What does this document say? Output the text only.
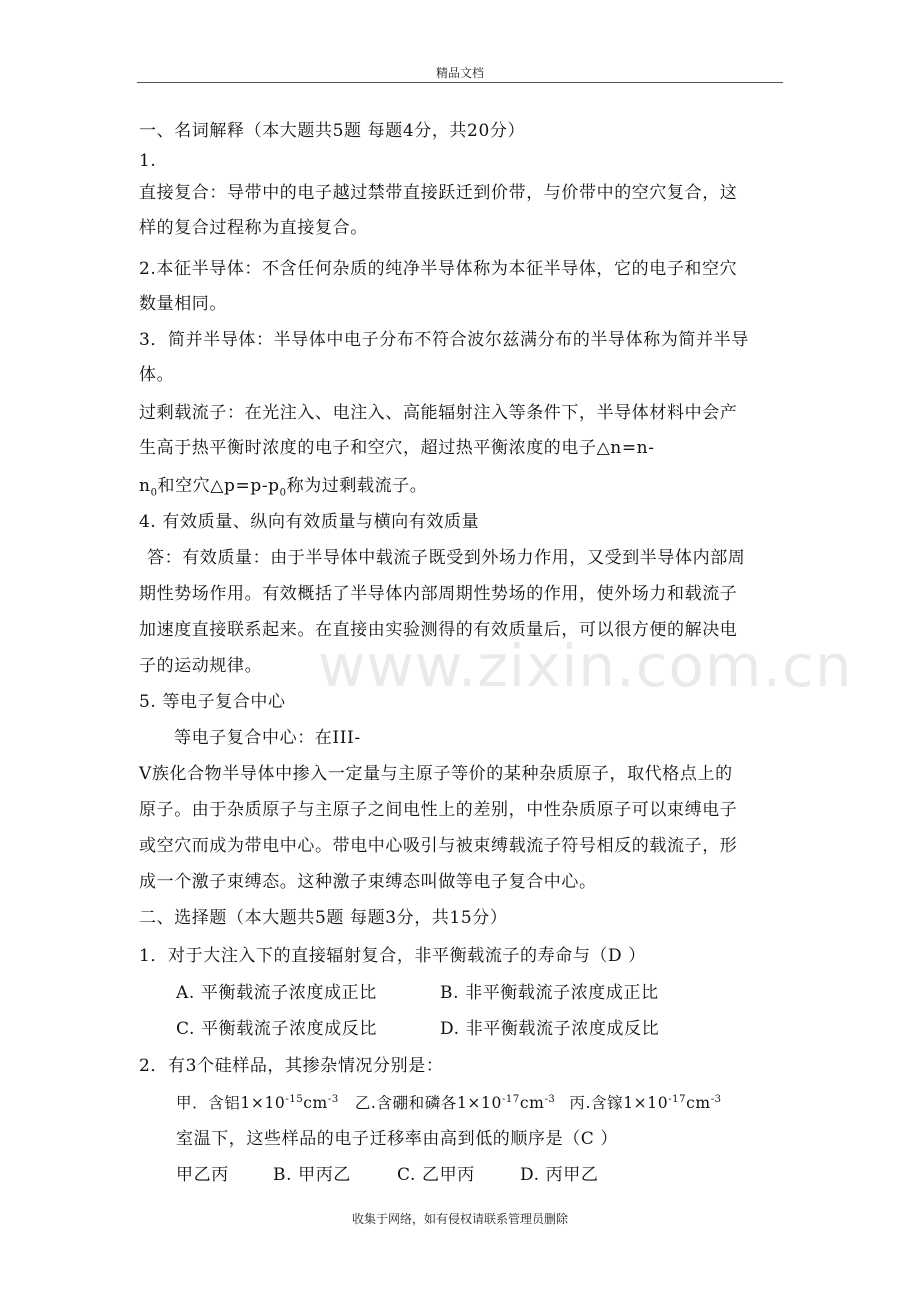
精品文档
一、名词解释（本大题共5题 每题4分，共20分）
1.
直接复合：导带中的电子越过禁带直接跃迁到价带，与价带中的空穴复合，这
样的复合过程称为直接复合。
2.本征半导体：不含任何杂质的纯净半导体称为本征半导体，它的电子和空穴
数量相同。
3．简并半导体：半导体中电子分布不符合波尔兹满分布的半导体称为简并半导
体。
过剩载流子：在光注入、电注入、高能辐射注入等条件下，半导体材料中会产
生高于热平衡时浓度的电子和空穴，超过热平衡浓度的电子△n=n-
$n_0$和空穴$\triangle p=p-p_0$称为过剩载流子。
4. 有效质量、纵向有效质量与横向有效质量
答：有效质量：由于半导体中载流子既受到外场力作用，又受到半导体内部周
期性势场作用。有效概括了半导体内部周期性势场的作用，使外场力和载流子
加速度直接联系起来。在直接由实验测得的有效质量后，可以很方便的解决电
子的运动规律。
5. 等电子复合中心
等电子复合中心：在III-
V族化合物半导体中掺入一定量与主原子等价的某种杂质原子，取代格点上的
原子。由于杂质原子与主原子之间电性上的差别，中性杂质原子可以束缚电子
或空穴而成为带电中心。带电中心吸引与被束缚载流子符号相反的载流子，形
成一个激子束缚态。这种激子束缚态叫做等电子复合中心。
二、选择题（本大题共5题 每题3分，共15分）
1．对于大注入下的直接辐射复合，非平衡载流子的寿命与（D ）
A. 平衡载流子浓度成正比	B. 非平衡载流子浓度成正比
C. 平衡载流子浓度成反比	D. 非平衡载流子浓度成反比
2．有3个硅样品，其掺杂情况分别是：
甲．含铝$1\times 10^{-15}cm^{-3}$ 乙.含硼和磷各$1\times 10^{-17}cm^{-3}$ 丙.含镓$1\times 10^{-17}cm^{-3}$
室温下，这些样品的电子迁移率由高到低的顺序是（C ）
甲乙丙	B. 甲丙乙	C. 乙甲丙	D. 丙甲乙
www.zixin.com.cn
收集于网络，如有侵权请联系管理员删除
